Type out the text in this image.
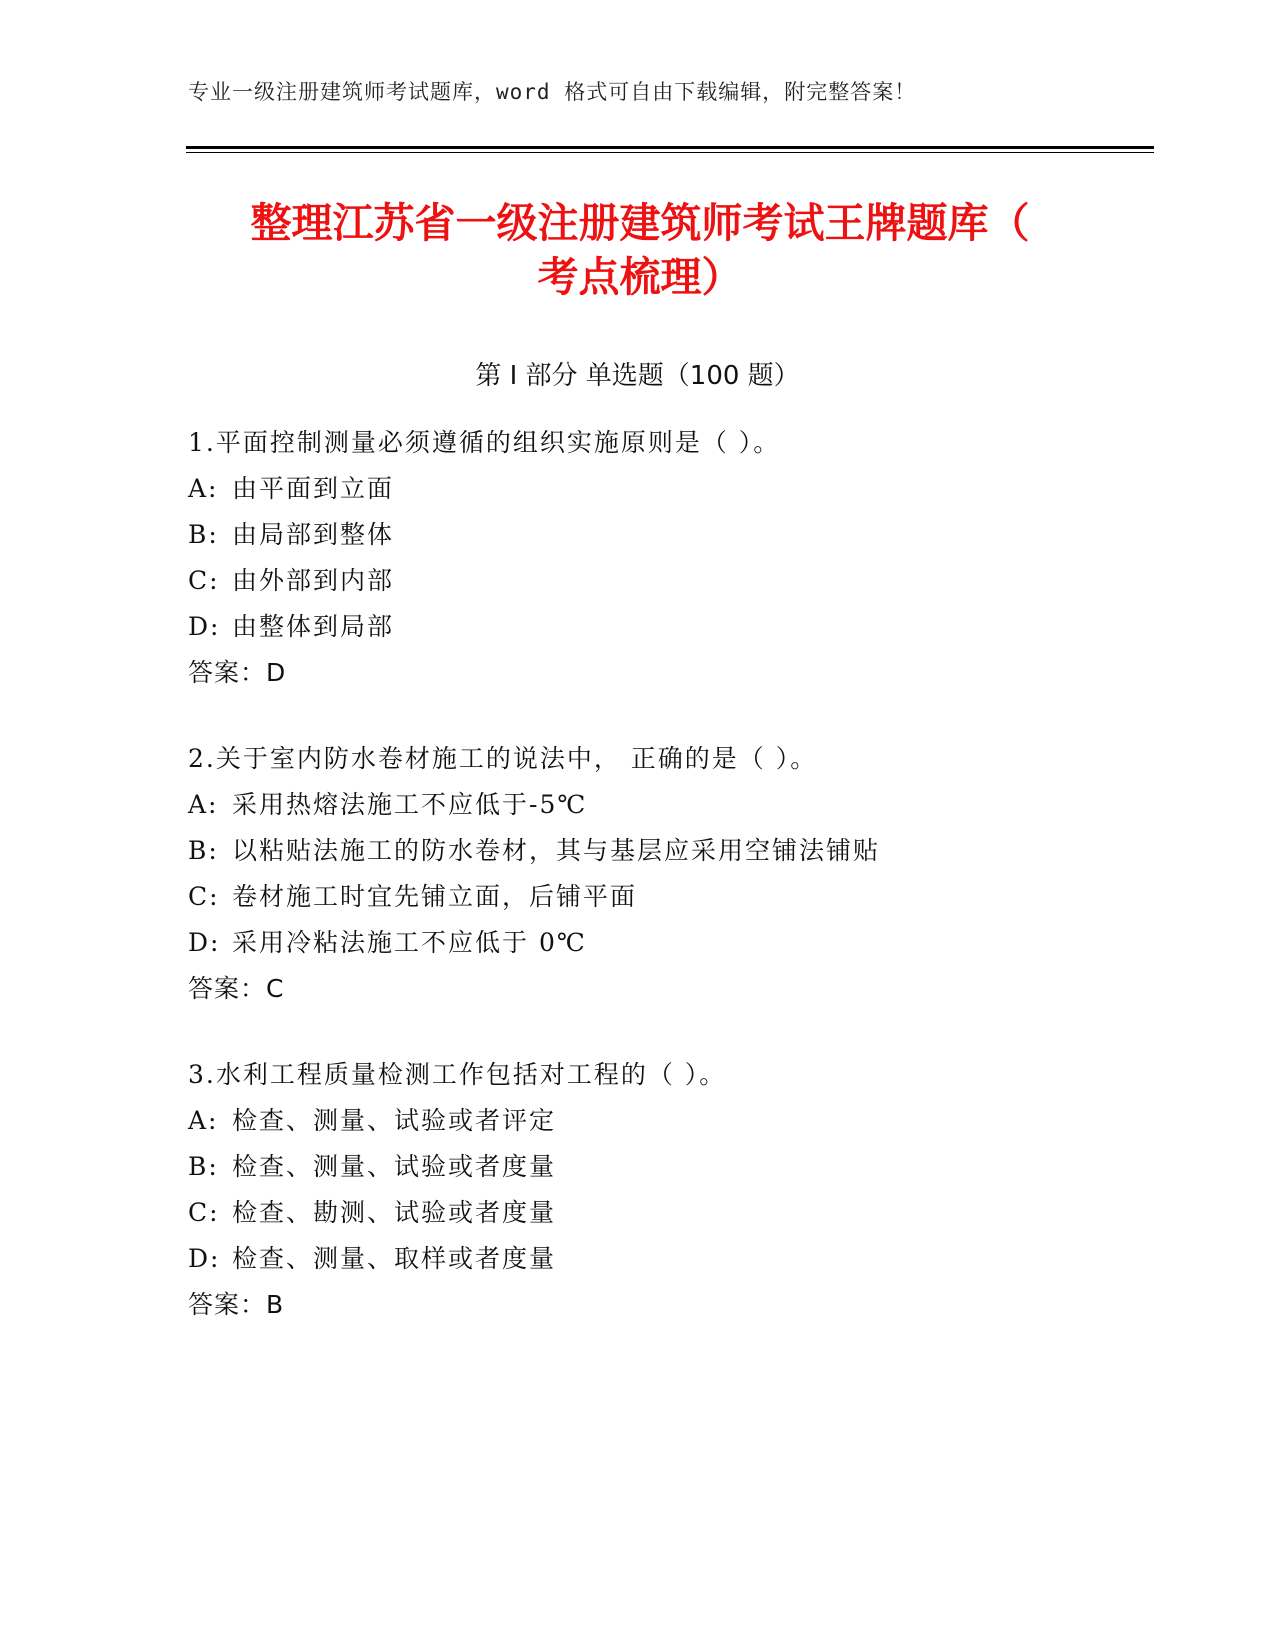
专业一级注册建筑师考试题库，word 格式可自由下载编辑，附完整答案！
整理江苏省一级注册建筑师考试王牌题库（
考点梳理）
第 I 部分 单选题（100 题）
1.平面控制测量必须遵循的组织实施原则是（ ）。
A: 由平面到立面
B: 由局部到整体
C: 由外部到内部
D: 由整体到局部
答案：D
2.关于室内防水卷材施工的说法中， 正确的是（ ）。
A: 采用热熔法施工不应低于-5℃
B: 以粘贴法施工的防水卷材，其与基层应采用空铺法铺贴
C: 卷材施工时宜先铺立面，后铺平面
D: 采用冷粘法施工不应低于 0℃
答案：C
3.水利工程质量检测工作包括对工程的（ ）。
A: 检查、测量、试验或者评定
B: 检查、测量、试验或者度量
C: 检查、勘测、试验或者度量
D: 检查、测量、取样或者度量
答案：B
